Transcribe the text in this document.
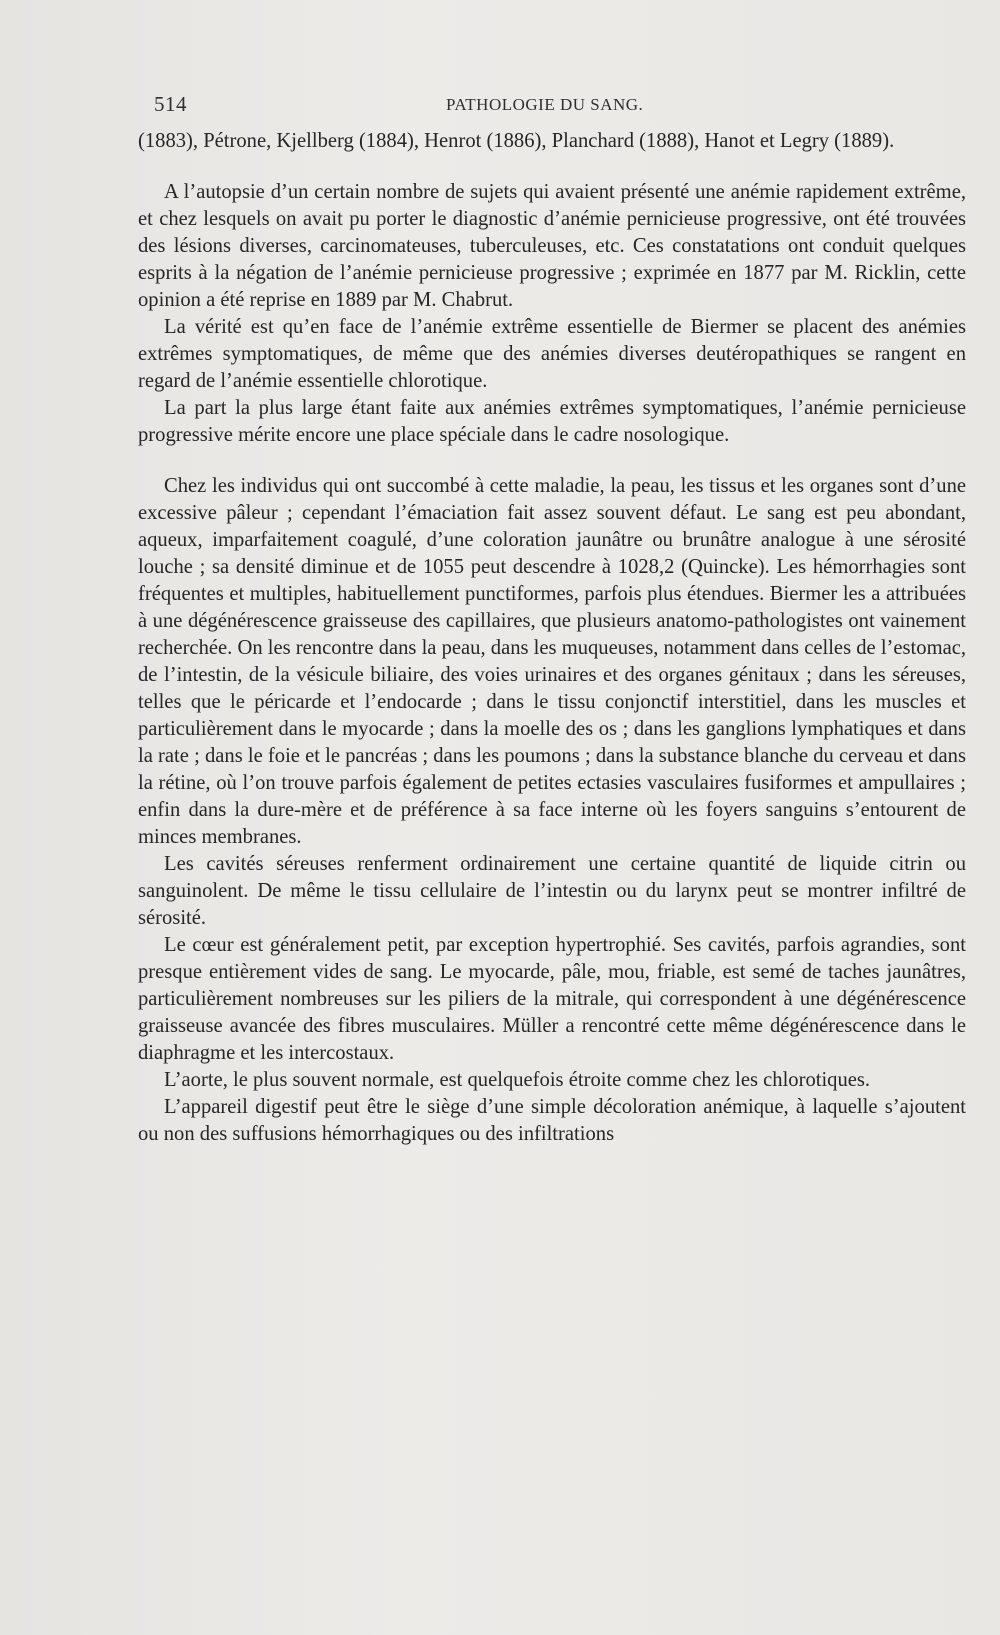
514	PATHOLOGIE DU SANG.

(1883), Pétrone, Kjellberg (1884), Henrot (1886), Planchard (1888), Hanot et Legry (1889).

A l’autopsie d’un certain nombre de sujets qui avaient présenté une anémie rapidement extrême, et chez lesquels on avait pu porter le diagnostic d’anémie pernicieuse progressive, ont été trouvées des lésions diverses, carcinomateuses, tuberculeuses, etc. Ces constatations ont conduit quelques esprits à la négation de l’anémie pernicieuse progressive ; exprimée en 1877 par M. Ricklin, cette opinion a été reprise en 1889 par M. Chabrut.

La vérité est qu’en face de l’anémie extrême essentielle de Biermer se placent des anémies extrêmes symptomatiques, de même que des anémies diverses deutéropathiques se rangent en regard de l’anémie essentielle chlorotique.

La part la plus large étant faite aux anémies extrêmes symptomatiques, l’anémie pernicieuse progressive mérite encore une place spéciale dans le cadre nosologique.

Chez les individus qui ont succombé à cette maladie, la peau, les tissus et les organes sont d’une excessive pâleur ; cependant l’émaciation fait assez souvent défaut. Le sang est peu abondant, aqueux, imparfaitement coagulé, d’une coloration jaunâtre ou brunâtre analogue à une sérosité louche ; sa densité diminue et de 1055 peut descendre à 1028,2 (Quincke). Les hémorrhagies sont fréquentes et multiples, habituellement punctiformes, parfois plus étendues. Biermer les a attribuées à une dégénérescence graisseuse des capillaires, que plusieurs anatomo-pathologistes ont vainement recherchée. On les rencontre dans la peau, dans les muqueuses, notamment dans celles de l’estomac, de l’intestin, de la vésicule biliaire, des voies urinaires et des organes génitaux ; dans les séreuses, telles que le péricarde et l’endocarde ; dans le tissu conjonctif interstitiel, dans les muscles et particulièrement dans le myocarde ; dans la moelle des os ; dans les ganglions lymphatiques et dans la rate ; dans le foie et le pancréas ; dans les poumons ; dans la substance blanche du cerveau et dans la rétine, où l’on trouve parfois également de petites ectasies vasculaires fusiformes et ampullaires ; enfin dans la dure-mère et de préférence à sa face interne où les foyers sanguins s’entourent de minces membranes.

Les cavités séreuses renferment ordinairement une certaine quantité de liquide citrin ou sanguinolent. De même le tissu cellulaire de l’intestin ou du larynx peut se montrer infiltré de sérosité.

Le cœur est généralement petit, par exception hypertrophié. Ses cavités, parfois agrandies, sont presque entièrement vides de sang. Le myocarde, pâle, mou, friable, est semé de taches jaunâtres, particulièrement nombreuses sur les piliers de la mitrale, qui correspondent à une dégénérescence graisseuse avancée des fibres musculaires. Müller a rencontré cette même dégénérescence dans le diaphragme et les intercostaux.

L’aorte, le plus souvent normale, est quelquefois étroite comme chez les chlorotiques.

L’appareil digestif peut être le siège d’une simple décoloration anémique, à laquelle s’ajoutent ou non des suffusions hémorrhagiques ou des infiltrations
